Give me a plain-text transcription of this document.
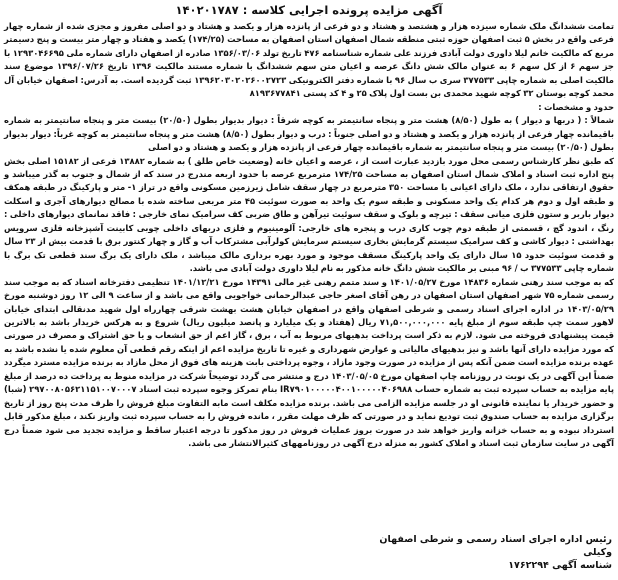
آگهی مزایده پرونده اجرایی کلاسه : ۱۴۰۲۰۱۷۸۷

تمامت ششدانگ ملک شماره سیزده هزار و هشتصد و هشتاد و دو فرعی از پانزده هزار و یکصد و هشتاد و دو اصلی مفروز و مجزی شده از شماره چهار فرعی واقع در بخش ۵ ثبت اصفهان حوزه ثبتی منطقه شمال اصفهان استان اصفهان به مساحت (۱۷۴/۲۵) یکصد و هفتاد و چهار متر بیست و پنج دسیمتر مربع که مالکیت خانم لیلا داوری دولت آبادی فرزند علی شماره شناسنامه ۴۷۶ تاریخ تولد ۱۳۵۶/۰۳/۰۶ صادره از اصفهان دارای شماره ملی ۱۲۹۳۰۴۶۶۹۵ با جز سهم ۶ از کل سهم ۶ به عنوان مالک شش دانگ عرصه و اعیان متن سهم ششدانگ با شماره مستند مالکیت ۱۳۹۶ تاریخ ۱۳۹۶/۰۷/۲۶ موضوع سند مالکیت اصلی به شماره چاپی ۳۷۷۵۳۳ سری ب سال ۹۶ با شماره دفتر الکترونیکی ۱۳۹۶۲۰۳۰۲۰۲۶۰۰۲۷۲۳ ثبت گردیده است. به آدرس: اصفهان خیابان آل محمد کوچه بوستان ۳۲ کوچه شهید محمدی بن بست اول پلاک ۲۵ و ۴ کد پستی ۸۱۹۳۶۷۷۸۴۱

حدود و مشخصات :

شمالاً : ( دربها و دیوار ) به طول (۸/۵۰) هشت متر و پنجاه سانتیمتر به کوچه شرقاً : دیوار بدیوار بطول (۲۰/۵۰) بیست متر و پنجاه سانتیمتر به شماره باقیمانده چهار فرعی از پانزده هزار و یکصد و هشتاد و دو اصلی جنوباً : درب و دیوار بطول (۸/۵۰) هشت متر و پنجاه سانتیمتر به کوچه غرباً: دیوار بدیوار بطول (۲۰/۵۰) بیست متر و پنجاه سانتیمتر به شماره باقیمانده چهار فرعی از پانزده هزار و یکصد و هشتاد و دو اصلی

که طبق نظر کارشناس رسمی محل مورد بازدید عبارت است از ، عرصه و اعیان خانه (وضعیت خاص طلق ) به شماره ۱۳۸۸۲ فرعی از ۱۵۱۸۲ اصلی بخش پنج اداره ثبت اسناد و املاک شمال استان اصفهان به مساحت ۱۷۴/۲۵ مترمربع عرصه با حدود اربعه مندرج در سند که از شمال و جنوب به گذر میباشد و حقوق ارتفاقی ندارد ، ملک دارای اعیانی با مساحت ۳۵۰ مترمربع در چهار سقف شامل زیرزمین مسکونی واقع در تراز ۱- متر و پارکینگ در طبقه همکف و طبقه اول و دوم هر کدام یک واحد مسکونی و طبقه سوم یک واحد به صورت سوئیت ۴۵ متر مربعی ساخته شده با مصالح دیوارهای آجری و اسکلت دیوار باربر و ستون فلزی میانی سقف : تیرچه و بلوک و سقف سوئیت تیرآهن و طاق ضربی کف سرامیک نمای خارجی : فاقد نمانمای دیوارهای داخلی : رنگ ، اندود گچ ، قسمتی از طبقه دوم چوب کاری درب و پنجره های خارجی: آلومینیوم و فلزی دربهای داخلی چوبی کابینت آشپزخانه فلزی سرویس بهداشتی : دیوار کاشی و کف سرامیک سیستم گرمایش بخاری سیستم سرمایش کولرآبی مشترکاب آب و گاز و چهار کنتور برق با قدمت بیش از ۲۳ سال و قدمت سوئیت حدود ۱۵ سال دارای یک واحد پارکینگ مسقف موجود و مورد بهره برداری مالک میباشد ، ملک دارای یک برگ سند قطعی تک برگ با شماره چاپی ۳۷۷۵۳۳ ب / ۹۶ مبنی بر مالکیت شش دانگ خانه مذکور به نام لیلا داوری دولت آبادی می باشد.

که به موجب سند رهنی شماره ۱۴۸۳۶ مورخ ۱۴۰۱/۰۵/۲۷ و سند متمم رهنی غیر مالی ۱۴۳۹۱ مورخ ۱۴۰۱/۱۲/۲۱ تنظیمی دفترخانه اسناد که به موجب سند رسمی شماره ۷۵ شهر اصفهان استان اصفهان در رهن آقای اصغر حاجی عبدالرحمانی خواجویی واقع می باشد و از ساعت ۹ الی ۱۲ روز دوشنبه مورخ ۱۴۰۳/۰۵/۲۹ در اداره اجرای اسناد رسمی و شرطی اصفهان واقع در اصفهان خیابان هشت بهشت شرقی چهارراه اول شهید مدنقالی ابتدای خیابان لاهور سمت چپ طبقه سوم از مبلغ پایه ۷۱,۵۰۰,۰۰۰,۰۰۰ ریال (هفتاد و یک میلیارد و پانصد میلیون ریال) شروع و به هرکس خریدار باشد به بالاترین قیمت پیشنهادی فروخته می شود. لازم به ذکر است پرداخت بدهیهای مربوط به آب ، برق ، گاز اعم از حق انشعاب و یا حق اشتراک و مصرف در صورتی که مورد مزایده دارای آنها باشد و نیز بدهیهای مالیاتی و عوارض شهرداری و غیره تا تاریخ مزایده اعم از اینکه رقم قطعی آن معلوم شده یا نشده باشد به عهده برنده مزایده است ضمن آنکه پس از مزایده در صورت وجود مازاد ، وجوه پرداختی بابت هزینه های فوق از محل مازاد به برنده مزایده مسترد میگردد ضمناً این آگهی در یک نوبت در روزنامه چاپ اصفهان مورخ ۱۴۰۳/۰۵/۰۵ درج و منتشر می گردد توضیحاً شرکت در مزایده منوط به پرداخت ده درصد از مبلغ پایه مزایده به حساب سپرده ثبت به شماره حساب IR۷۹۰۱۰۰۰۰۰۴۰۰۱۰۰۰۰۰۴۰۶۹۸۸ بنام تمرکز وجوه سپرده ثبت اسناد ۲۹۷۰۰۸۰۵۶۲۱۱۵۱۰۰۷۰۰۰۷ (شبا) و حضور خریدار یا نماینده قانونی او در جلسه مزایده الزامی می باشد. برنده مزایده مکلف است مابه التفاوت مبلغ فروش را ظرف مدت پنج روز از تاریخ برگزاری مزایده به حساب صندوق ثبت تودیع نماید و در صورتی که ظرف مهلت مقرر ، مانده فروش را به حساب سپرده ثبت واریز نکند ، مبلغ مذکور قابل استرداد نبوده و به حساب خزانه واریز خواهد شد در صورت بروز عملیات فروش در روز مذکور تا درجه اعتبار ساقط و مزایده تجدید می شود ضمناً درج آگهی در سایت سازمان ثبت اسناد و املاک کشور به منزله درج آگهی در روزنامههای کثیرالانتشار می باشد.

رئیس اداره اجرای اسناد رسمی و شرطی اصفهان

وکیلی

شناسه آگهی ۱۷۶۲۲۹۴
